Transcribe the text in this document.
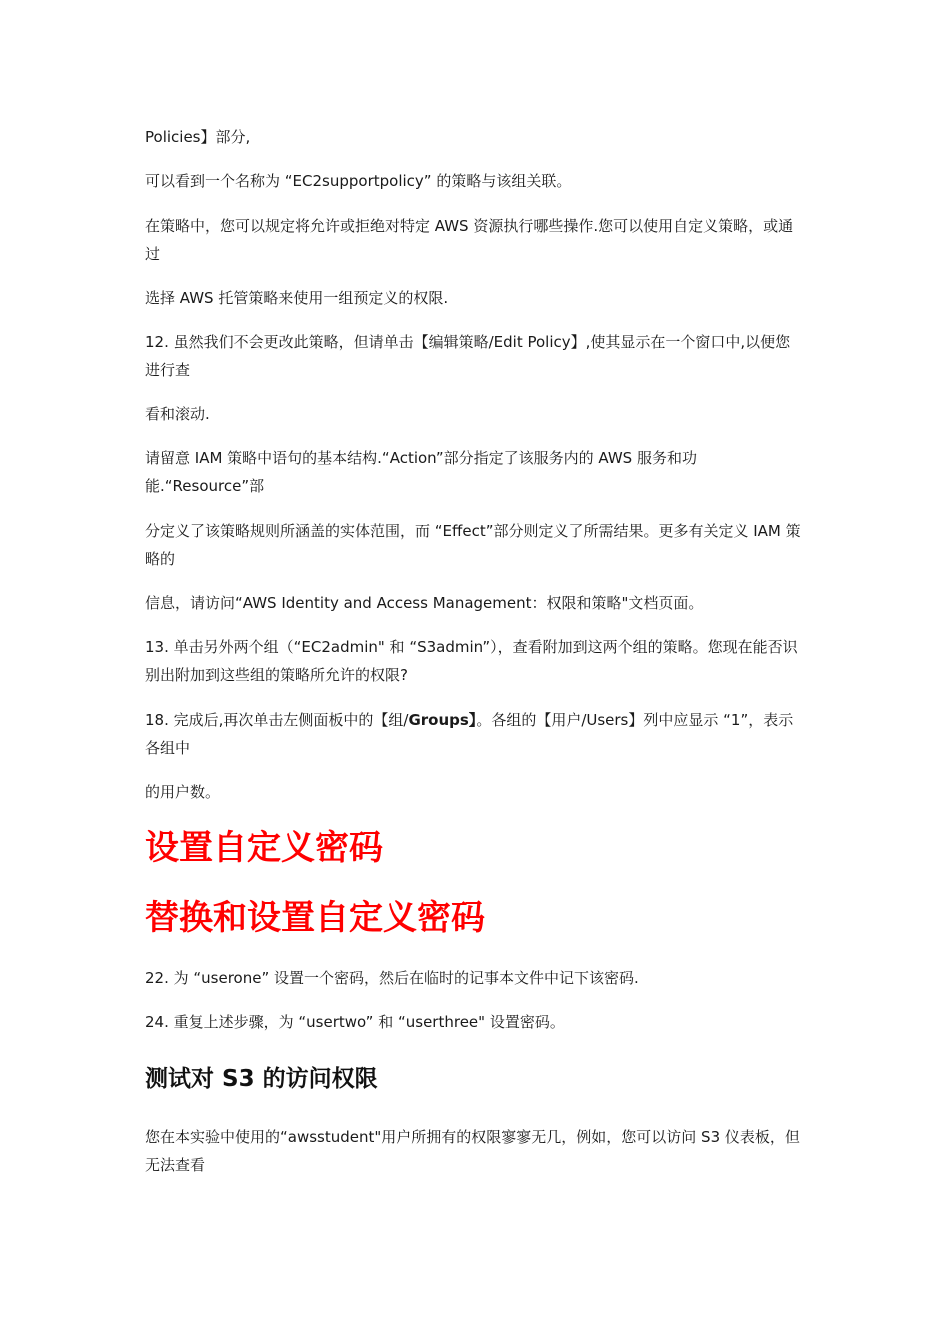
Policies】部分,

可以看到一个名称为 “EC2supportpolicy” 的策略与该组关联。

在策略中，您可以规定将允许或拒绝对特定 AWS 资源执行哪些操作.您可以使用自定义策略，或通过

选择 AWS 托管策略来使用一组预定义的权限.

12. 虽然我们不会更改此策略，但请单击【编辑策略/Edit Policy】,使其显示在一个窗口中,以便您进行查

看和滚动.

请留意 IAM 策略中语句的基本结构.“Action”部分指定了该服务内的 AWS 服务和功能.“Resource”部

分定义了该策略规则所涵盖的实体范围，而 “Effect”部分则定义了所需结果。更多有关定义 IAM 策略的

信息，请访问“AWS Identity and Access Management：权限和策略"文档页面。

13. 单击另外两个组（“EC2admin" 和 “S3admin”），查看附加到这两个组的策略。您现在能否识别出附加到这些组的策略所允许的权限?

18. 完成后,再次单击左侧面板中的【组/Groups】。各组的【用户/Users】列中应显示 “1”，表示各组中

的用户数。

设置自定义密码
替换和设置自定义密码

22. 为 “userone” 设置一个密码，然后在临时的记事本文件中记下该密码.

24. 重复上述步骤，为 “usertwo” 和 “userthree" 设置密码。

测试对 S3 的访问权限

您在本实验中使用的“awsstudent"用户所拥有的权限寥寥无几，例如，您可以访问 S3 仪表板，但无法查看
